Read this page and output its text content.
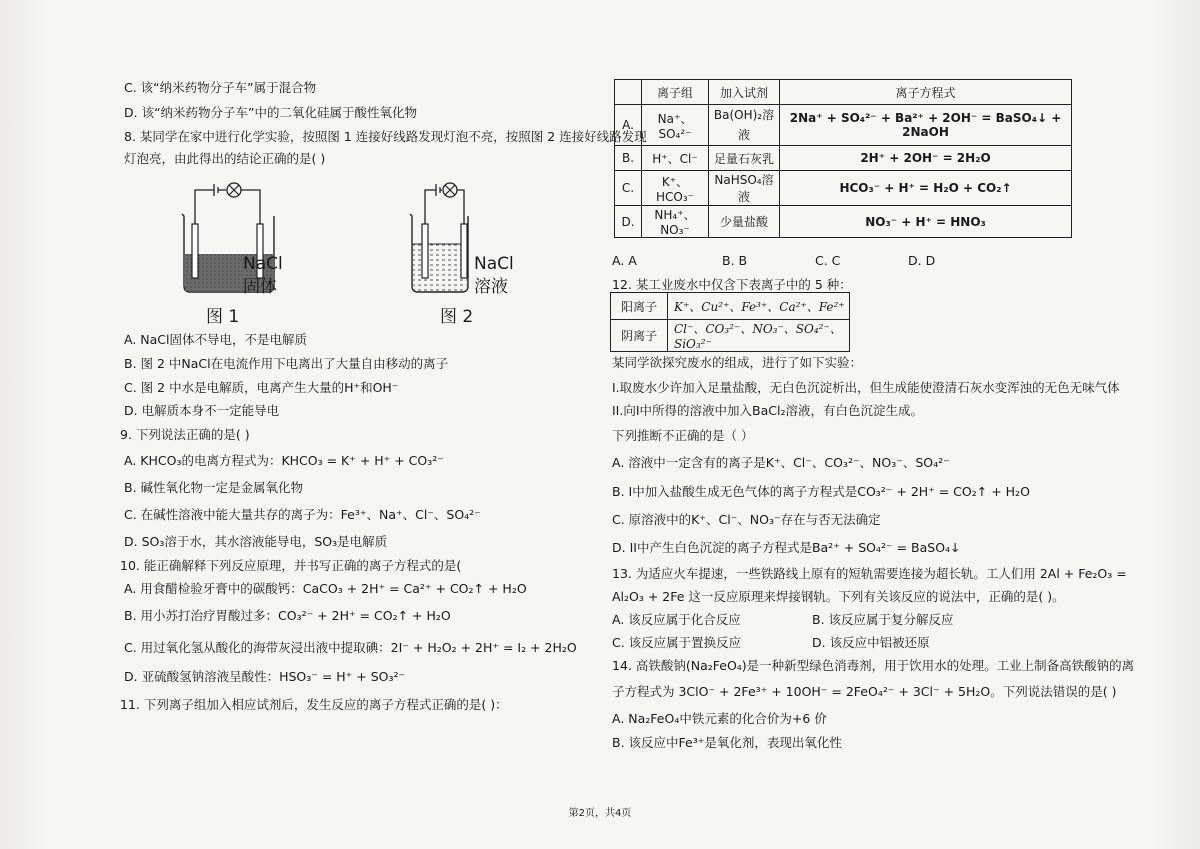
C. 该“纳米药物分子车”属于混合物
D. 该“纳米药物分子车”中的二氧化硅属于酸性氧化物
8. 某同学在家中进行化学实验，按照图 1 连接好线路发现灯泡不亮，按照图 2 连接好线路发现
灯泡亮，由此得出的结论正确的是( )
NaCl
固体
图 1
NaCl
溶液
图 2
A. NaCl固体不导电，不是电解质
B. 图 2 中NaCl在电流作用下电离出了大量自由移动的离子
C. 图 2 中水是电解质，电离产生大量的H⁺和OH⁻
D. 电解质本身不一定能导电
9. 下列说法正确的是( )
A. KHCO₃的电离方程式为：KHCO₃ = K⁺ + H⁺ + CO₃²⁻
B. 碱性氧化物一定是金属氧化物
C. 在碱性溶液中能大量共存的离子为：Fe³⁺、Na⁺、Cl⁻、SO₄²⁻
D. SO₃溶于水，其水溶液能导电，SO₃是电解质
10. 能正确解释下列反应原理，并书写正确的离子方程式的是(
A. 用食醋检验牙膏中的碳酸钙：CaCO₃ + 2H⁺ = Ca²⁺ + CO₂↑ + H₂O
B. 用小苏打治疗胃酸过多：CO₃²⁻ + 2H⁺ = CO₂↑ + H₂O
C. 用过氧化氢从酸化的海带灰浸出液中提取碘：2I⁻ + H₂O₂ + 2H⁺ = I₂ + 2H₂O
D. 亚硫酸氢钠溶液呈酸性：HSO₃⁻ = H⁺ + SO₃²⁻
11. 下列离子组加入相应试剂后，发生反应的离子方程式正确的是( )：
	离子组	加入试剂	离子方程式
A.	Na⁺、SO₄²⁻	Ba(OH)₂溶液	2Na⁺ + SO₄²⁻ + Ba²⁺ + 2OH⁻ = BaSO₄↓ + 2NaOH
B.	H⁺、Cl⁻	足量石灰乳	2H⁺ + 2OH⁻ = 2H₂O
C.	K⁺、HCO₃⁻	NaHSO₄溶液	HCO₃⁻ + H⁺ = H₂O + CO₂↑
D.	NH₄⁺、NO₃⁻	少量盐酸	NO₃⁻ + H⁺ = HNO₃
A. A	B. B	C. C	D. D
12. 某工业废水中仅含下表离子中的 5 种：
阳离子	K⁺、Cu²⁺、Fe³⁺、Ca²⁺、Fe²⁺
阴离子	Cl⁻、CO₃²⁻、NO₃⁻、SO₄²⁻、SiO₃²⁻
某同学欲探究废水的组成，进行了如下实验：
I.取废水少许加入足量盐酸，无白色沉淀析出，但生成能使澄清石灰水变浑浊的无色无味气体
II.向I中所得的溶液中加入BaCl₂溶液，有白色沉淀生成。
下列推断不正确的是（ ）
A. 溶液中一定含有的离子是K⁺、Cl⁻、CO₃²⁻、NO₃⁻、SO₄²⁻
B. I中加入盐酸生成无色气体的离子方程式是CO₃²⁻ + 2H⁺ = CO₂↑ + H₂O
C. 原溶液中的K⁺、Cl⁻、NO₃⁻存在与否无法确定
D. II中产生白色沉淀的离子方程式是Ba²⁺ + SO₄²⁻ = BaSO₄↓
13. 为适应火车提速，一些铁路线上原有的短轨需要连接为超长轨。工人们用 2Al + Fe₂O₃ =
Al₂O₃ + 2Fe 这一反应原理来焊接钢轨。下列有关该反应的说法中，正确的是( )。
A. 该反应属于化合反应	B. 该反应属于复分解反应
C. 该反应属于置换反应	D. 该反应中铝被还原
14. 高铁酸钠(Na₂FeO₄)是一种新型绿色消毒剂，用于饮用水的处理。工业上制备高铁酸钠的离
子方程式为 3ClO⁻ + 2Fe³⁺ + 10OH⁻ = 2FeO₄²⁻ + 3Cl⁻ + 5H₂O。下列说法错误的是( )
A. Na₂FeO₄中铁元素的化合价为+6 价
B. 该反应中Fe³⁺是氧化剂，表现出氧化性
第2页，共4页
